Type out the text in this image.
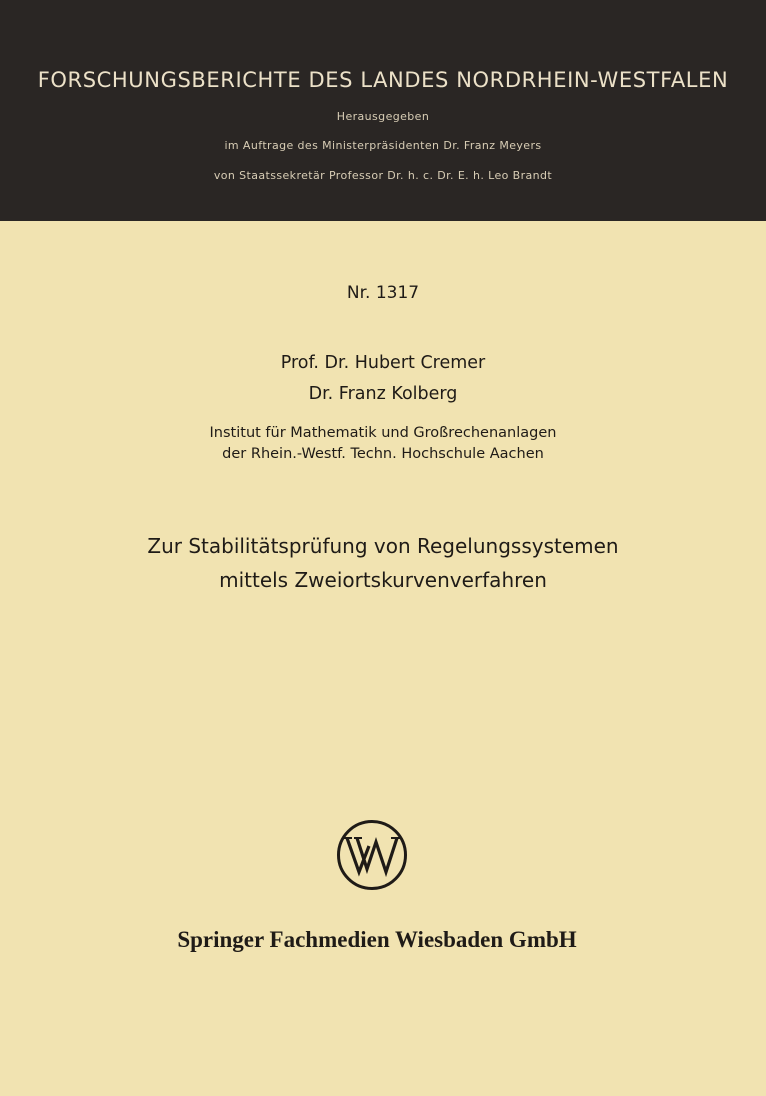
FORSCHUNGSBERICHTE DES LANDES NORDRHEIN-WESTFALEN
Herausgegeben
im Auftrage des Ministerpräsidenten Dr. Franz Meyers
von Staatssekretär Professor Dr. h. c. Dr. E. h. Leo Brandt
Nr. 1317
Prof. Dr. Hubert Cremer
Dr. Franz Kolberg
Institut für Mathematik und Großrechenanlagen
der Rhein.-Westf. Techn. Hochschule Aachen
Zur Stabilitätsprüfung von Regelungssystemen
mittels Zweiortskurvenverfahren
Springer Fachmedien Wiesbaden GmbH
